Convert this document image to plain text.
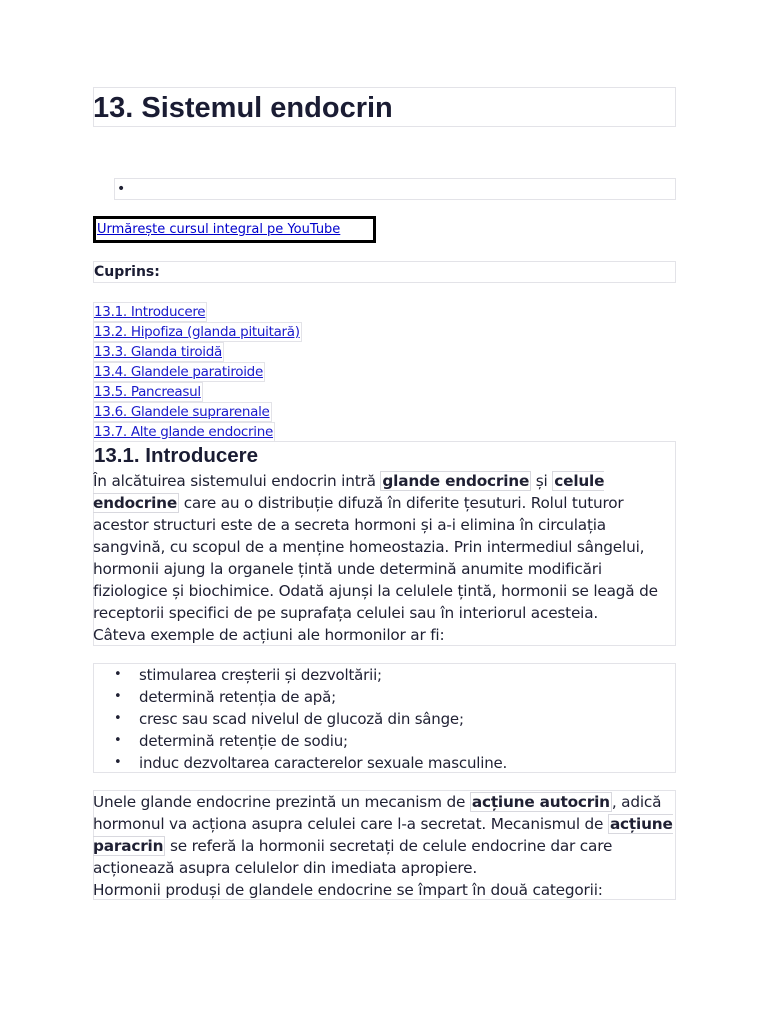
13. Sistemul endocrin
•
Urmărește cursul integral pe YouTube
Cuprins:
13.1. Introducere
13.2. Hipofiza (glanda pituitară)
13.3. Glanda tiroidă
13.4. Glandele paratiroide
13.5. Pancreasul
13.6. Glandele suprarenale
13.7. Alte glande endocrine
13.1. Introducere

În alcătuirea sistemului endocrin intră glande endocrine și celule endocrine care au o distribuție difuză în diferite țesuturi. Rolul tuturor acestor structuri este de a secreta hormoni și a-i elimina în circulația sangvină, cu scopul de a menține homeostazia. Prin intermediul sângelui, hormonii ajung la organele țintă unde determină anumite modificări fiziologice și biochimice. Odată ajunși la celulele țintă, hormonii se leagă de receptorii specifici de pe suprafața celulei sau în interiorul acesteia.
Câteva exemple de acțiuni ale hormonilor ar fi:

• stimularea creșterii și dezvoltării;
• determină retenția de apă;
• cresc sau scad nivelul de glucoză din sânge;
• determină retenție de sodiu;
• induc dezvoltarea caracterelor sexuale masculine.

Unele glande endocrine prezintă un mecanism de acțiune autocrin , adică hormonul va acționa asupra celulei care l-a secretat. Mecanismul de acțiune paracrin se referă la hormonii secretați de celule endocrine dar care acționează asupra celulelor din imediata apropiere.
Hormonii produși de glandele endocrine se împart în două categorii:
